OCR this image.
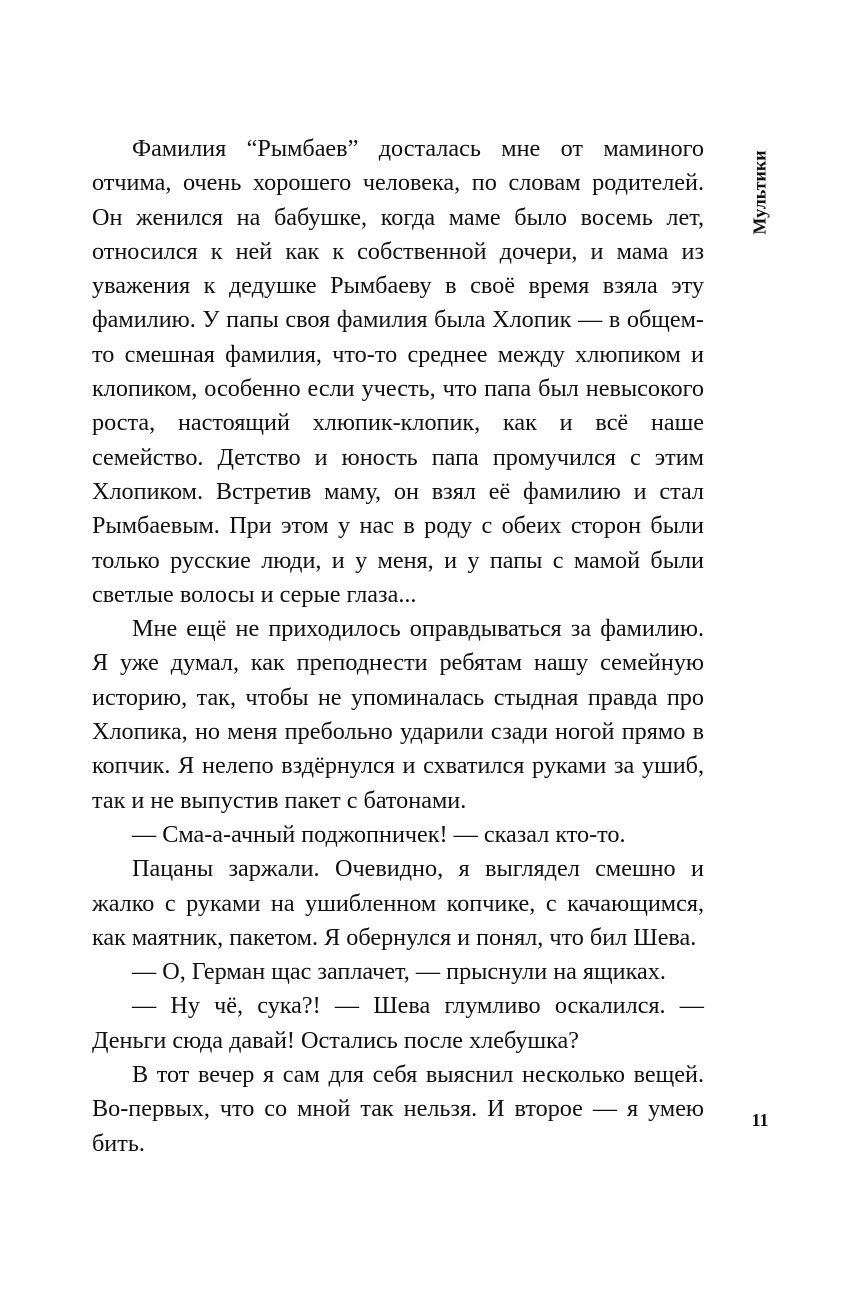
Фамилия “Рымбаев” досталась мне от маминого отчима, очень хорошего человека, по словам родителей. Он женился на бабушке, когда маме было восемь лет, относился к ней как к собственной дочери, и мама из уважения к дедушке Рымбаеву в своё время взяла эту фамилию. У папы своя фамилия была Хлопик — в общем-то смешная фамилия, что-то среднее между хлюпиком и клопиком, особенно если учесть, что папа был невысокого роста, настоящий хлюпик-клопик, как и всё наше семейство. Детство и юность папа промучился с этим Хлопиком. Встретив маму, он взял её фамилию и стал Рымбаевым. При этом у нас в роду с обеих сторон были только русские люди, и у меня, и у папы с мамой были светлые волосы и серые глаза...

Мне ещё не приходилось оправдываться за фамилию. Я уже думал, как преподнести ребятам нашу семейную историю, так, чтобы не упоминалась стыдная правда про Хлопика, но меня пребольно ударили сзади ногой прямо в копчик. Я нелепо вздёрнулся и схватился руками за ушиб, так и не выпустив пакет с батонами.

— Сма-а-ачный поджопничек! — сказал кто-то.

Пацаны заржали. Очевидно, я выглядел смешно и жалко с руками на ушибленном копчике, с качающимся, как маятник, пакетом. Я обернулся и понял, что бил Шева.

— О, Герман щас заплачет, — прыснули на ящиках.

— Ну чё, сука?! — Шева глумливо оскалился. — Деньги сюда давай! Остались после хлебушка?

В тот вечер я сам для себя выяснил несколько вещей. Во-первых, что со мной так нельзя. И второе — я умею бить.

Мультики
11
